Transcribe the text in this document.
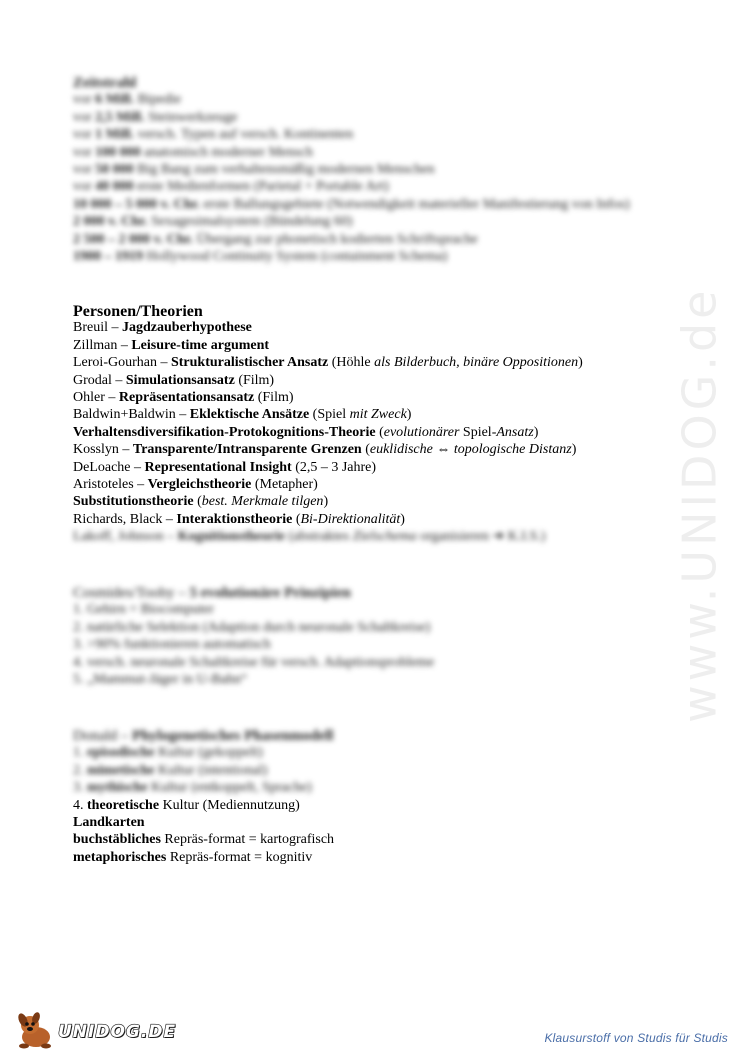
www.UNIDOG.de
Zeitstrahl
vor 6 Mill. Bipedie
vor 2,5 Mill. Steinwerkzeuge
vor 1 Mill. versch. Typen auf versch. Kontinenten
vor 100 000 anatomisch moderner Mensch
vor 50 000 Big Bang zum verhaltensmäßig modernen Menschen
vor 40 000 erste Medienformen (Parietal + Portable Art)
10 000 – 5 000 v. Chr. erste Ballungsgebiete (Notwendigkeit materieller Manifestierung von Infos)
2 000 v. Chr. Sexagesimalsystem (Bündelung 60)
2 500 – 2 000 v. Chr. Übergang zur phonetisch kodierten Schriftsprache
1900 – 1919 Hollywood Continuity System (containment Schema)
Personen/Theorien
Breuil – Jagdzauberhypothese
Zillman – Leisure-time argument
Leroi-Gourhan – Strukturalistischer Ansatz (Höhle als Bilderbuch, binäre Oppositionen)
Grodal – Simulationsansatz (Film)
Ohler – Repräsentationsansatz (Film)
Baldwin+Baldwin – Eklektische Ansätze (Spiel mit Zweck)
Verhaltensdiversifikation-Protokognitions-Theorie (evolutionärer Spiel-Ansatz)
Kosslyn – Transparente/Intransparente Grenzen (euklidische ⇔ topologische Distanz)
DeLoache – Representational Insight (2,5 – 3 Jahre)
Aristoteles – Vergleichstheorie (Metapher)
Substitutionstheorie (best. Merkmale tilgen)
Richards, Black – Interaktionstheorie (Bi-Direktionalität)
Lakoff, Johnson – Kognitionstheorie (abstraktes Zielschema organisieren ➜ K.I.S.)
Cosmides/Tooby – 5 evolutionäre Prinzipien
1. Gehirn = Biocomputer
2. natürliche Selektion (Adaption durch neuronale Schaltkreise)
3. >90% funktionieren automatisch
4. versch. neuronale Schaltkreise für versch. Adaptionsprobleme
5. „Mammut-Jäger in U-Bahn“
Donald – Phylogenetisches Phasenmodell
1. episodische Kultur (gekoppelt)
2. mimetische Kultur (intentional)
3. mythische Kultur (entkoppelt, Sprache)
4. theoretische Kultur (Mediennutzung)
Landkarten
buchstäbliches Repräs-format = kartografisch
metaphorisches Repräs-format = kognitiv
UNIDOG.DE	Klausurstoff von Studis für Studis
